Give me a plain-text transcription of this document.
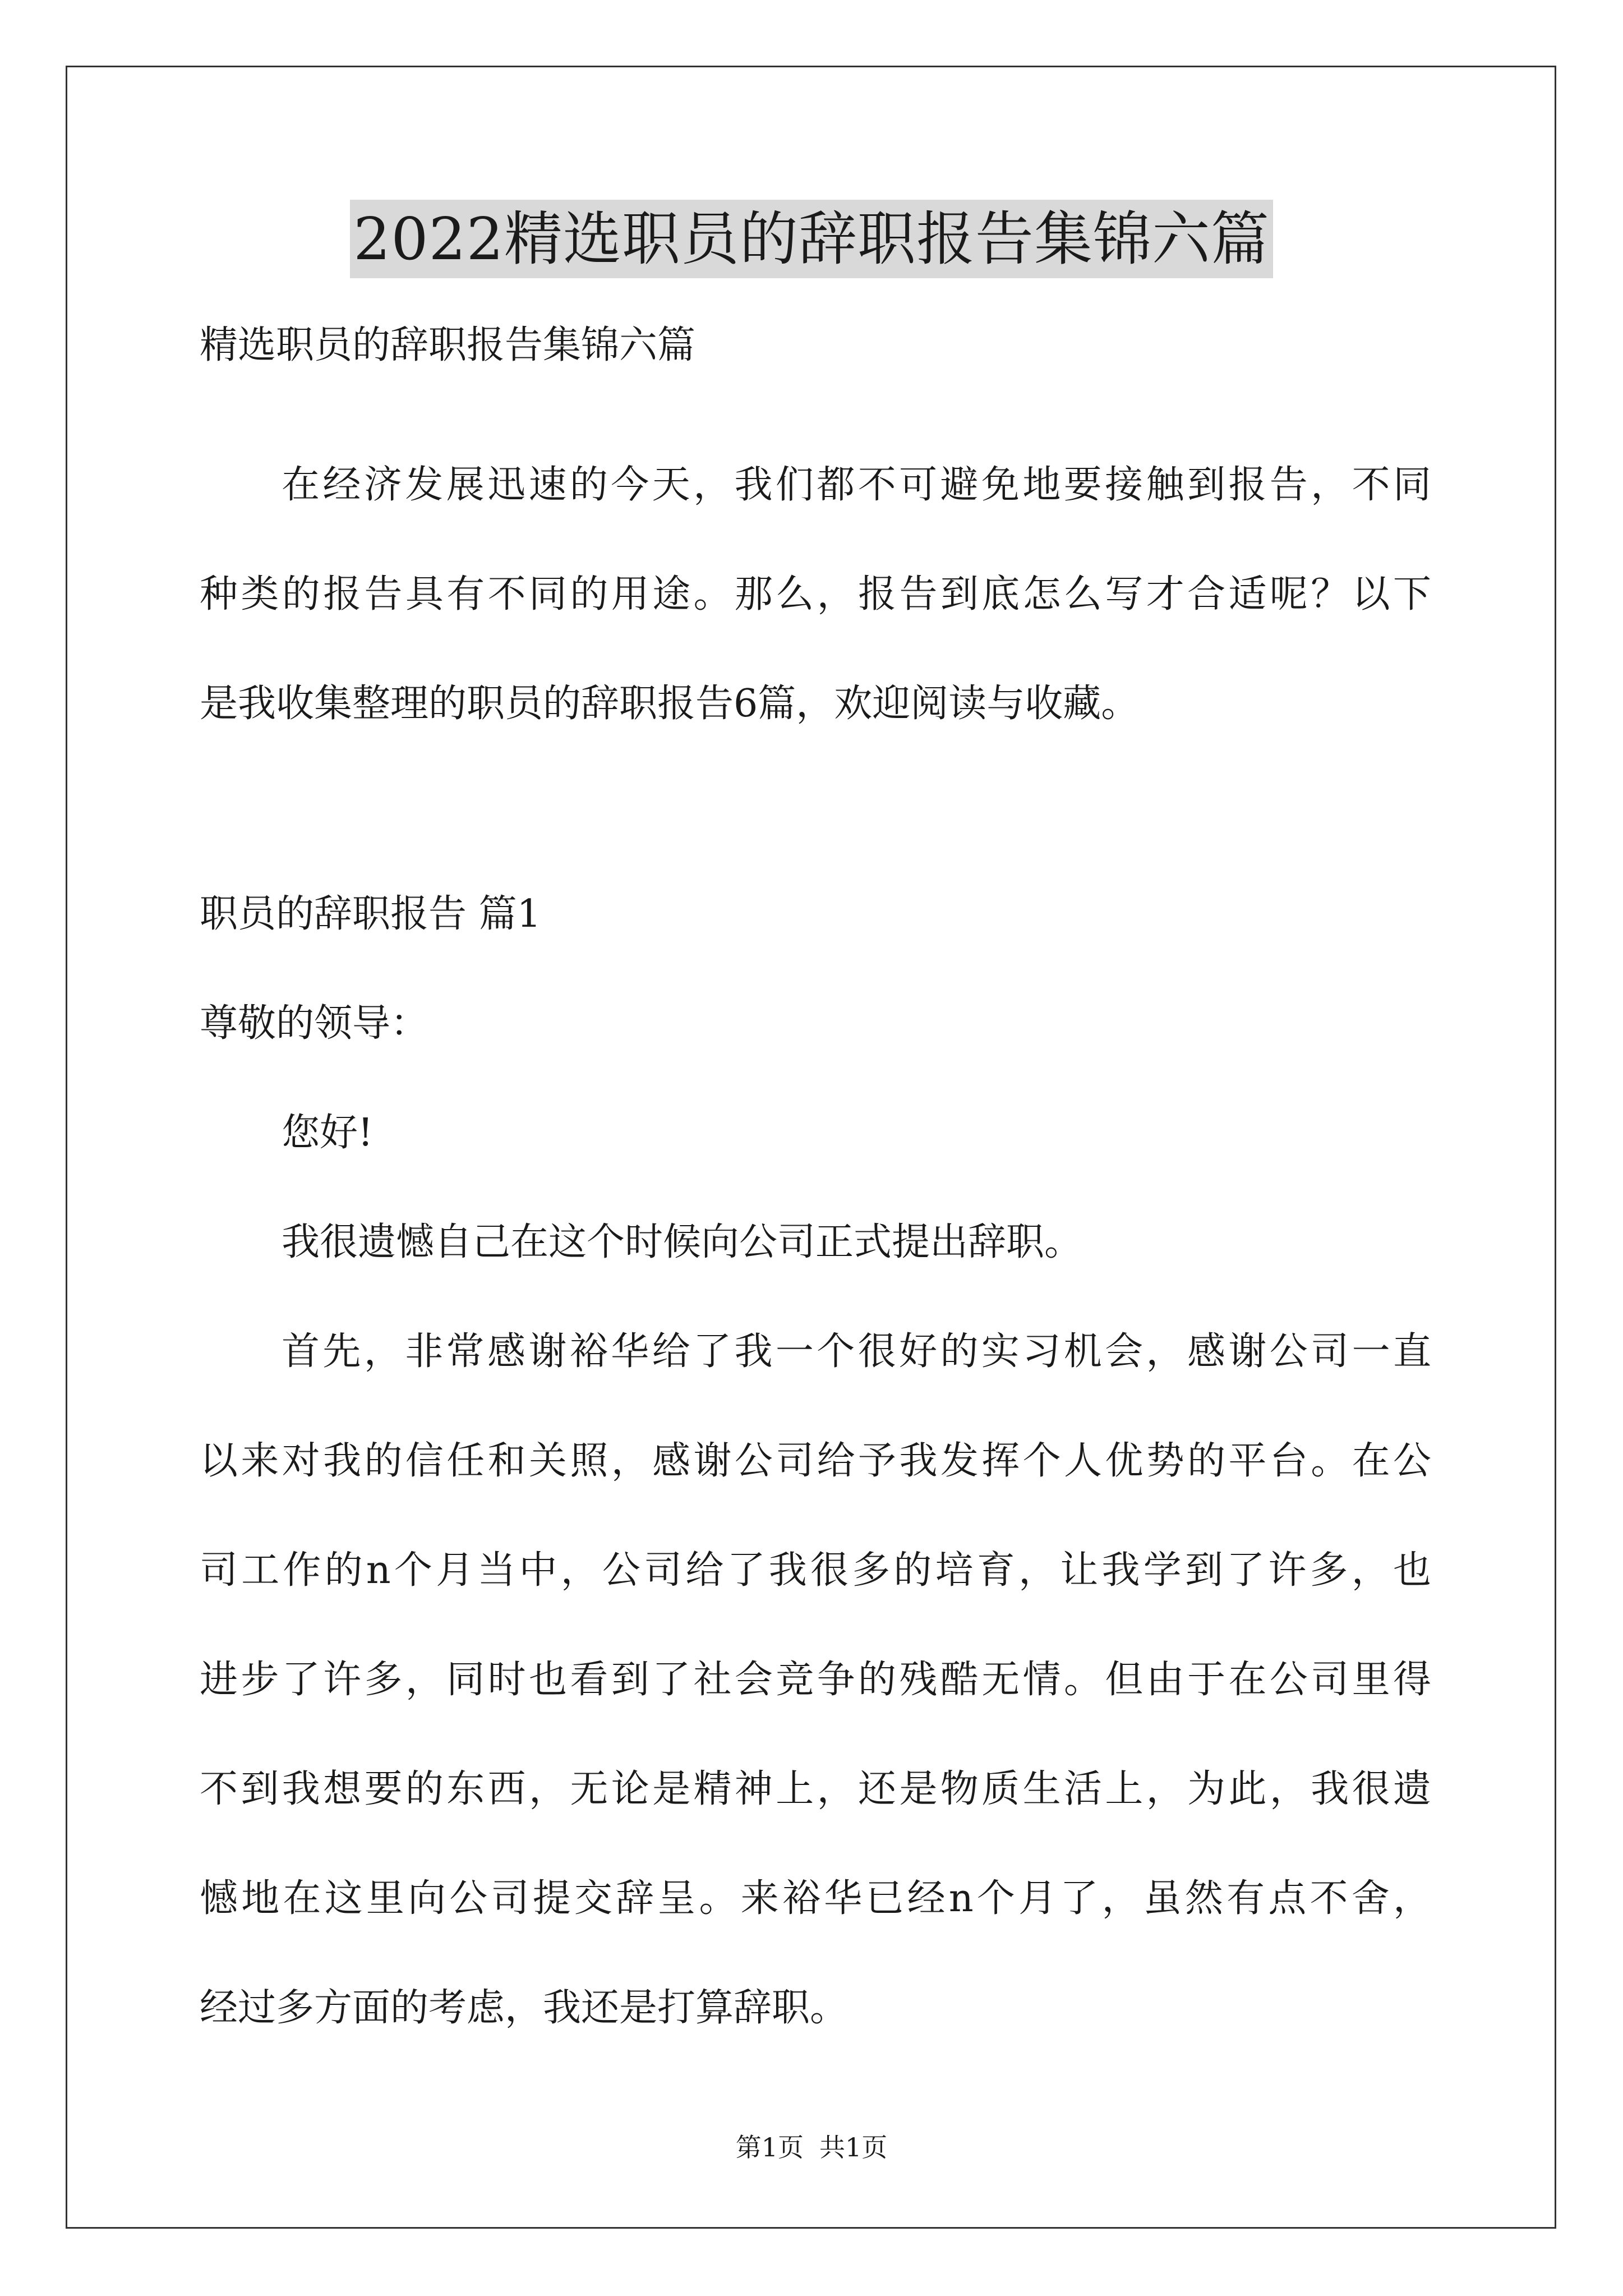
2022精选职员的辞职报告集锦六篇
精选职员的辞职报告集锦六篇
在经济发展迅速的今天，我们都不可避免地要接触到报告，不同
种类的报告具有不同的用途。那么，报告到底怎么写才合适呢？以下
是我收集整理的职员的辞职报告6篇，欢迎阅读与收藏。
职员的辞职报告 篇1
尊敬的领导：
您好!
我很遗憾自己在这个时候向公司正式提出辞职。
首先，非常感谢裕华给了我一个很好的实习机会，感谢公司一直
以来对我的信任和关照，感谢公司给予我发挥个人优势的平台。在公
司工作的n个月当中，公司给了我很多的培育，让我学到了许多，也
进步了许多，同时也看到了社会竞争的残酷无情。但由于在公司里得
不到我想要的东西，无论是精神上，还是物质生活上，为此，我很遗
憾地在这里向公司提交辞呈。来裕华已经n个月了，虽然有点不舍，
经过多方面的考虑，我还是打算辞职。
第1页 共1页
